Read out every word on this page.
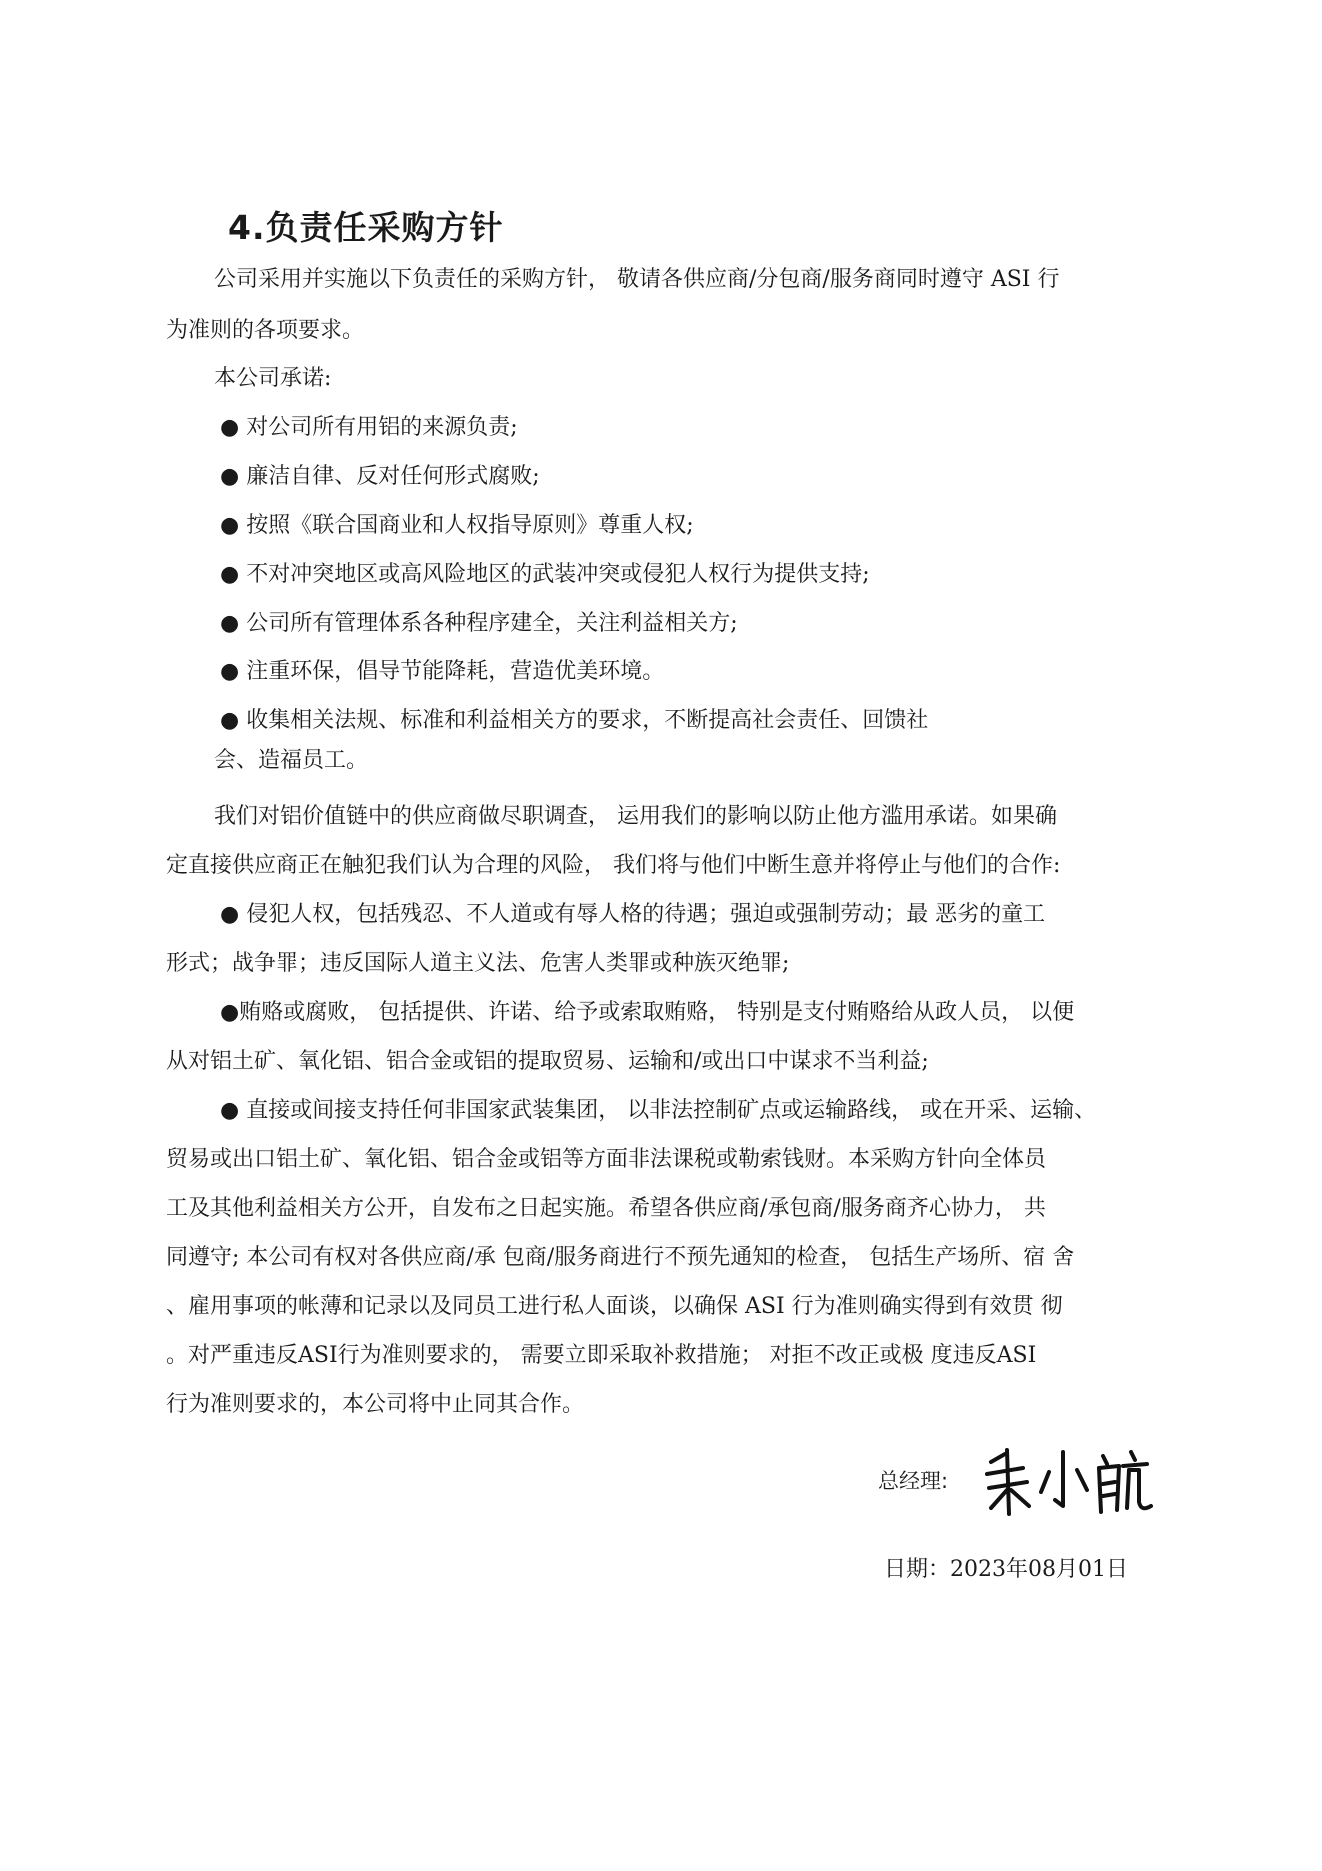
4.负责任采购方针
公司采用并实施以下负责任的采购方针， 敬请各供应商/分包商/服务商同时遵守 ASI 行
为准则的各项要求。
本公司承诺:
● 对公司所有用铝的来源负责;
● 廉洁自律、反对任何形式腐败;
● 按照《联合国商业和人权指导原则》尊重人权;
● 不对冲突地区或高风险地区的武装冲突或侵犯人权行为提供支持;
● 公司所有管理体系各种程序建全，关注利益相关方;
● 注重环保，倡导节能降耗，营造优美环境。
● 收集相关法规、标准和利益相关方的要求，不断提高社会责任、回馈社
会、造福员工。
我们对铝价值链中的供应商做尽职调查， 运用我们的影响以防止他方滥用承诺。如果确
定直接供应商正在触犯我们认为合理的风险， 我们将与他们中断生意并将停止与他们的合作:
● 侵犯人权，包括残忍、不人道或有辱人格的待遇；强迫或强制劳动；最 恶劣的童工
形式；战争罪；违反国际人道主义法、危害人类罪或种族灭绝罪;
●贿赂或腐败， 包括提供、许诺、给予或索取贿赂， 特别是支付贿赂给从政人员， 以便
从对铝土矿、氧化铝、铝合金或铝的提取贸易、运输和/或出口中谋求不当利益;
● 直接或间接支持任何非国家武装集团， 以非法控制矿点或运输路线， 或在开采、运输、
贸易或出口铝土矿、氧化铝、铝合金或铝等方面非法课税或勒索钱财。本采购方针向全体员
工及其他利益相关方公开，自发布之日起实施。希望各供应商/承包商/服务商齐心协力， 共
同遵守; 本公司有权对各供应商/承 包商/服务商进行不预先通知的检查， 包括生产场所、宿 舍
、雇用事项的帐薄和记录以及同员工进行私人面谈，以确保 ASI 行为准则确实得到有效贯 彻
。对严重违反ASI行为准则要求的， 需要立即采取补救措施； 对拒不改正或极 度违反ASI
行为准则要求的，本公司将中止同其合作。
总经理:
日期：2023年08月01日
